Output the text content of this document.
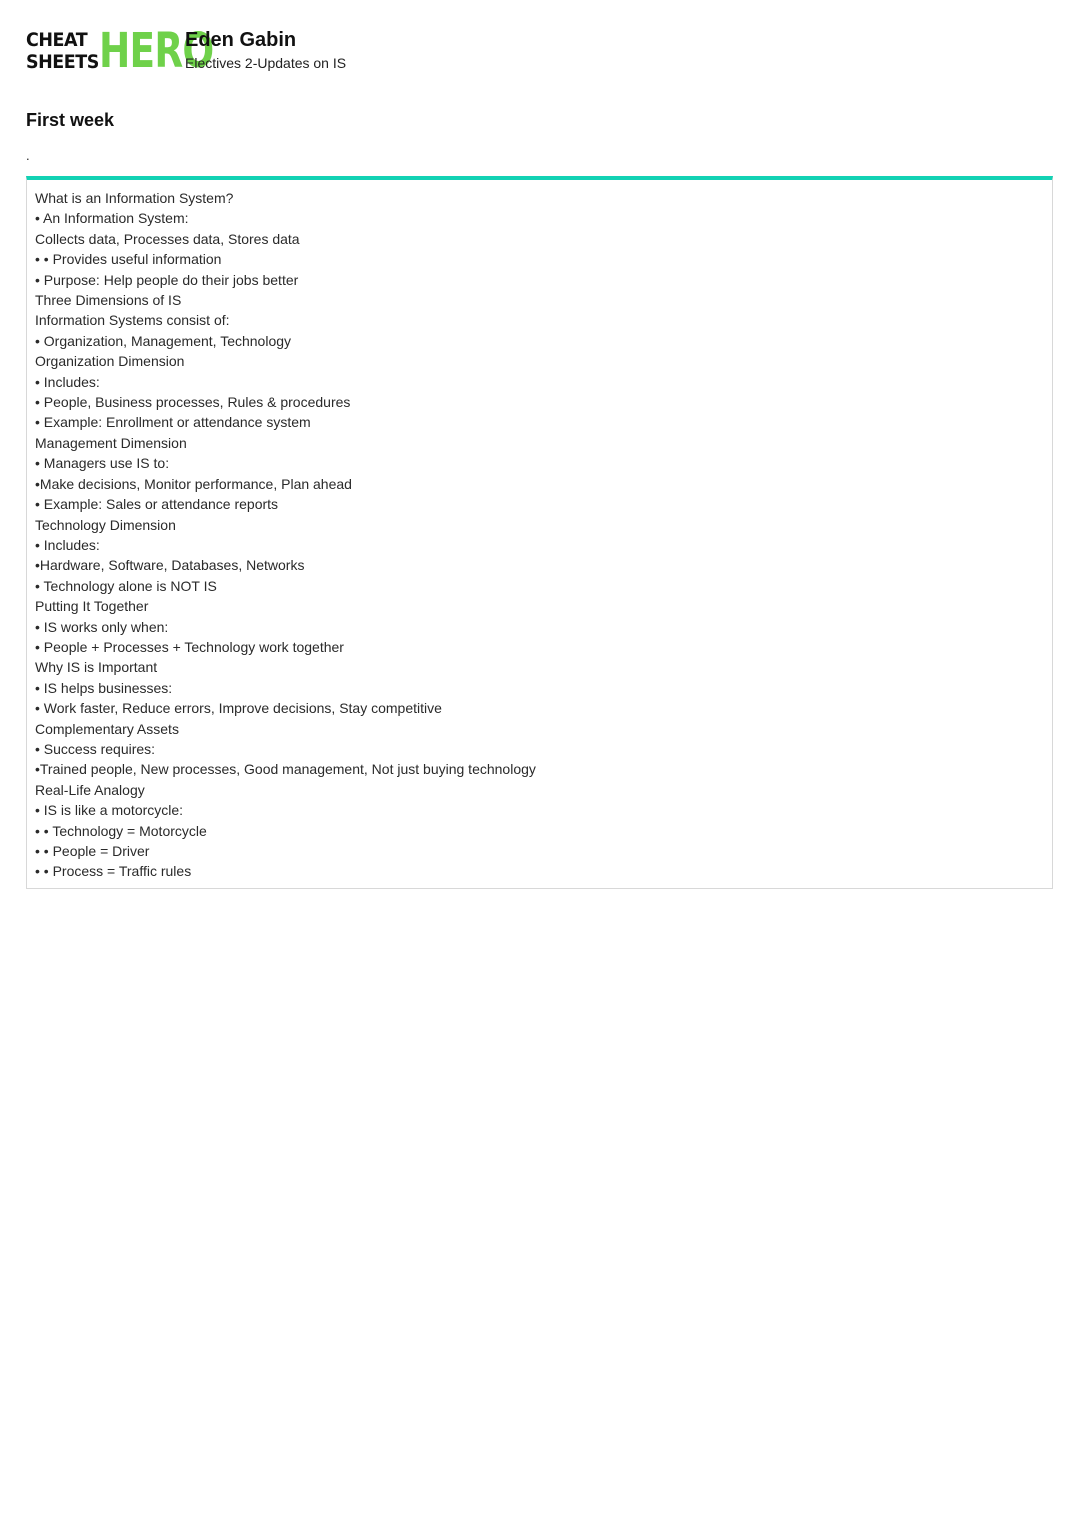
CHEAT
SHEETS HERO
Eden Gabin
Electives 2-Updates on IS
First week
.
What is an Information System?
• An Information System:
Collects data, Processes data, Stores data
• • Provides useful information
• Purpose: Help people do their jobs better
Three Dimensions of IS
Information Systems consist of:
• Organization, Management, Technology
Organization Dimension
• Includes:
• People, Business processes, Rules & procedures
• Example: Enrollment or attendance system
Management Dimension
• Managers use IS to:
•Make decisions, Monitor performance, Plan ahead
• Example: Sales or attendance reports
Technology Dimension
• Includes:
•Hardware, Software, Databases, Networks
• Technology alone is NOT IS
Putting It Together
• IS works only when:
• People + Processes + Technology work together
Why IS is Important
• IS helps businesses:
• Work faster, Reduce errors, Improve decisions, Stay competitive
Complementary Assets
• Success requires:
•Trained people, New processes, Good management, Not just buying technology
Real-Life Analogy
• IS is like a motorcycle:
• • Technology = Motorcycle
• • People = Driver
• • Process = Traffic rules
